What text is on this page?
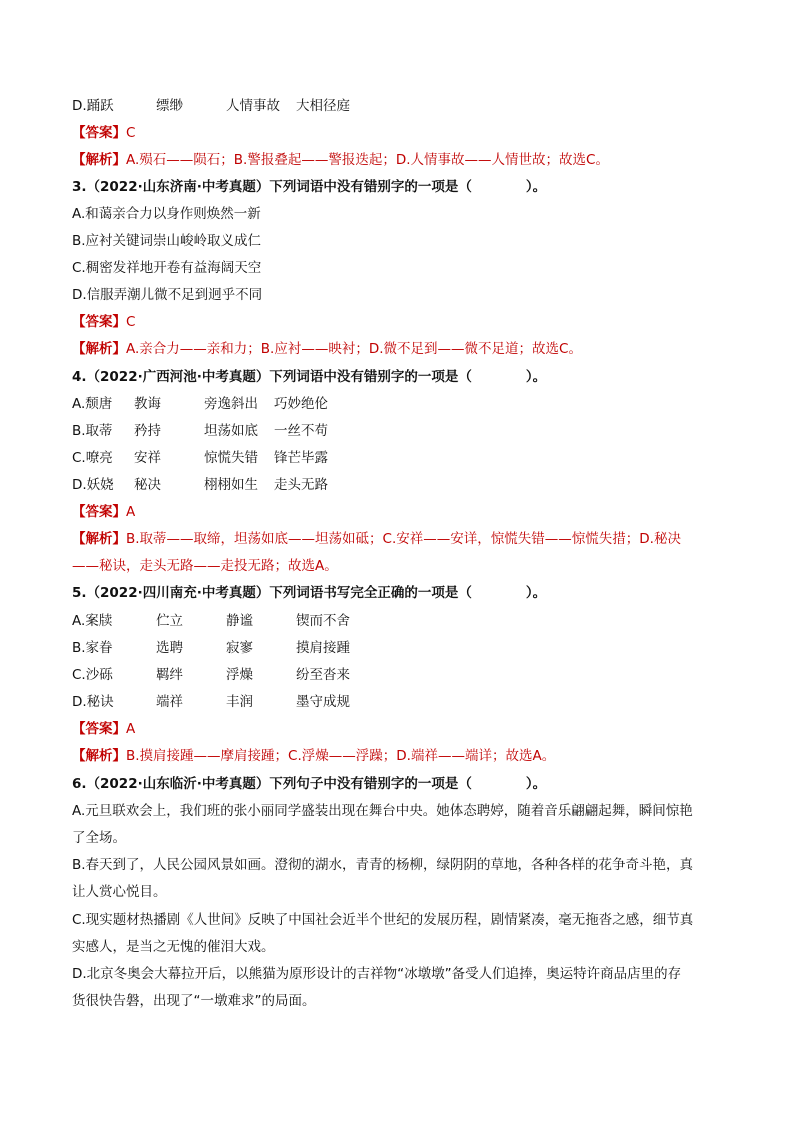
D.踊跃	缥缈	人情事故 大相径庭
【答案】C
【解析】A.殒石——陨石；B.警报叠起——警报迭起；D.人情事故——人情世故；故选C。
3.（2022·山东济南·中考真题）下列词语中没有错别字的一项是（　　　　）。
A.和蔼亲合力以身作则焕然一新
B.应衬关键词崇山峻岭取义成仁
C.稠密发祥地开卷有益海阔天空
D.信服弄潮儿微不足到迥乎不同
【答案】C
【解析】A.亲合力——亲和力；B.应衬——映衬；D.微不足到——微不足道；故选C。
4.（2022·广西河池·中考真题）下列词语中没有错别字的一项是（　　　　）。
A.颓唐 教诲	旁逸斜出 巧妙绝伦
B.取蒂 矜持	坦荡如底 一丝不苟
C.嘹亮 安祥	惊慌失错 锋芒毕露
D.妖娆 秘决	栩栩如生 走头无路
【答案】A
【解析】B.取蒂——取缔，坦荡如底——坦荡如砥；C.安祥——安详，惊慌失错——惊慌失措；D.秘决
——秘诀，走头无路——走投无路；故选A。
5.（2022·四川南充·中考真题）下列词语书写完全正确的一项是（　　　　）。
A.案牍	伫立	静谧	锲而不舍
B.家眷	选聘	寂寥	摸肩接踵
C.沙砾	羁绊	浮燥	纷至沓来
D.秘诀	端祥	丰润	墨守成规
【答案】A
【解析】B.摸肩接踵——摩肩接踵；C.浮燥——浮躁；D.端祥——端详；故选A。
6.（2022·山东临沂·中考真题）下列句子中没有错别字的一项是（　　　　）。
A.元旦联欢会上，我们班的张小丽同学盛装出现在舞台中央。她体态聘婷，随着音乐翩翩起舞，瞬间惊艳
了全场。
B.春天到了，人民公园风景如画。澄彻的湖水，青青的杨柳，绿阴阴的草地，各种各样的花争奇斗艳，真
让人赏心悦目。
C.现实题材热播剧《人世间》反映了中国社会近半个世纪的发展历程，剧情紧凑，毫无拖沓之感，细节真
实感人，是当之无愧的催泪大戏。
D.北京冬奥会大幕拉开后，以熊猫为原形设计的吉祥物“冰墩墩”备受人们追捧，奥运特许商品店里的存
货很快告磐，出现了“一墩难求”的局面。
